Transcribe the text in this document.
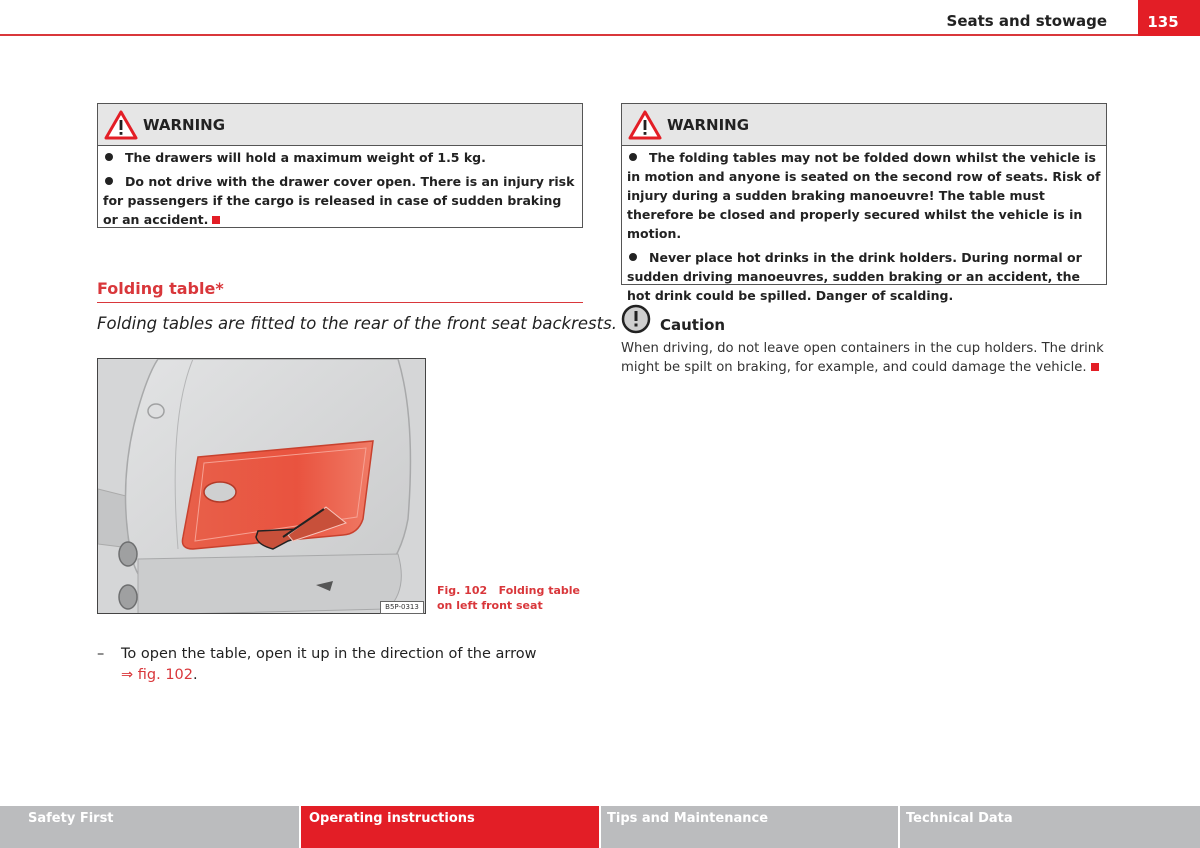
Seats and stowage	135
WARNING

The drawers will hold a maximum weight of 1.5 kg.

Do not drive with the drawer cover open. There is an injury risk for passengers if the cargo is released in case of sudden braking or an accident.

Folding table*
Folding tables are fitted to the rear of the front seat backrests.
B5P-0313
Fig. 102 Folding table on left front seat
– To open the table, open it up in the direction of the arrow
⇒ fig. 102.
WARNING

The folding tables may not be folded down whilst the vehicle is in motion and anyone is seated on the second row of seats. Risk of injury during a sudden braking manoeuvre! The table must therefore be closed and properly secured whilst the vehicle is in motion.

Never place hot drinks in the drink holders. During normal or sudden driving manoeuvres, sudden braking or an accident, the hot drink could be spilled. Danger of scalding.

Caution
When driving, do not leave open containers in the cup holders. The drink might be spilt on braking, for example, and could damage the vehicle.
Safety First	Operating instructions	Tips and Maintenance	Technical Data
